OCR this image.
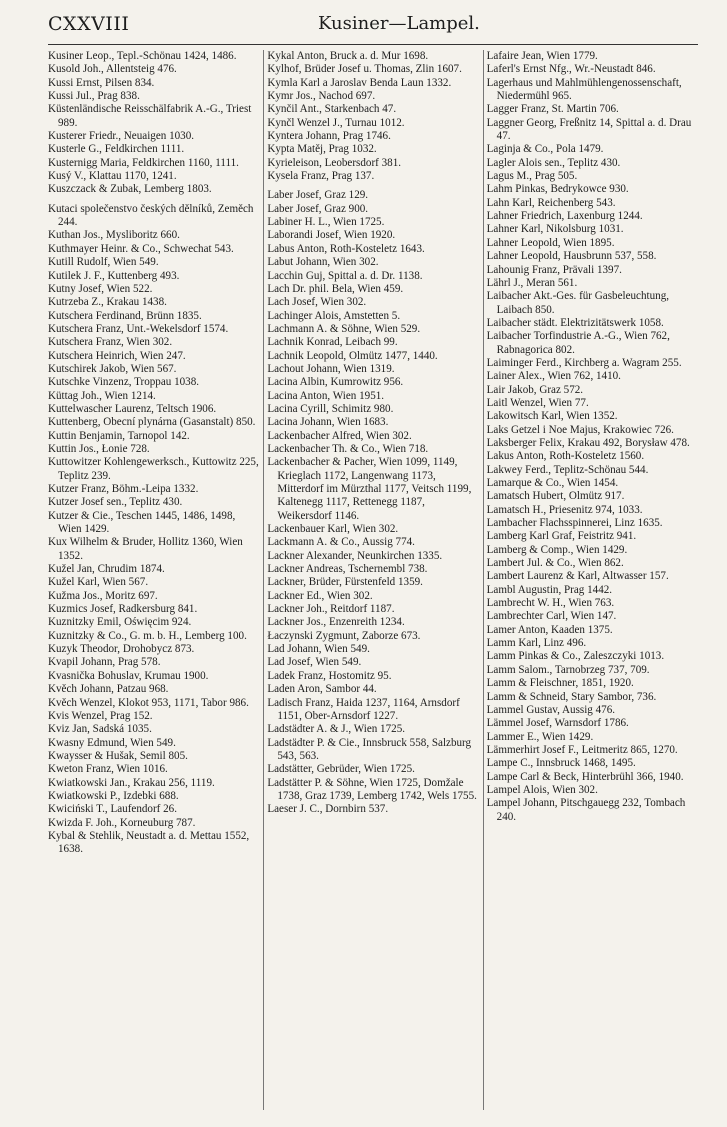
CXXVIII	Kusiner—Lampel.

Kusiner Leop., Tepl.-Schönau 1424, 1486.

Kusold Joh., Allentsteig 476.

Kussi Ernst, Pilsen 834.

Kussi Jul., Prag 838.

Küstenländische Reisschälfabrik A.-G., Triest 989.

Kusterer Friedr., Neuaigen 1030.

Kusterle G., Feldkirchen 1111.

Kusternigg Maria, Feldkirchen 1160, 1111.

Kusý V., Klattau 1170, 1241.

Kuszczack & Zubak, Lemberg 1803.

Kutaci společenstvo českých dělníků, Zeměch 244.

Kuthan Jos., Mysliboritz 660.

Kuthmayer Heinr. & Co., Schwechat 543.

Kutill Rudolf, Wien 549.

Kutilek J. F., Kuttenberg 493.

Kutny Josef, Wien 522.

Kutrzeba Z., Krakau 1438.

Kutschera Ferdinand, Brünn 1835.

Kutschera Franz, Unt.-Wekelsdorf 1574.

Kutschera Franz, Wien 302.

Kutschera Heinrich, Wien 247.

Kutschirek Jakob, Wien 567.

Kutschke Vinzenz, Troppau 1038.

Küttag Joh., Wien 1214.

Kuttelwascher Laurenz, Teltsch 1906.

Kuttenberg, Obecní plynárna (Gasanstalt) 850.

Kuttin Benjamin, Tarnopol 142.

Kuttin Jos., Łonie 728.

Kuttowitzer Kohlengewerksch., Kuttowitz 225, Teplitz 239.

Kutzer Franz, Böhm.-Leipa 1332.

Kutzer Josef sen., Teplitz 430.

Kutzer & Cie., Teschen 1445, 1486, 1498, Wien 1429.

Kux Wilhelm & Bruder, Hollitz 1360, Wien 1352.

Kužel Jan, Chrudim 1874.

Kužel Karl, Wien 567.

Kužma Jos., Moritz 697.

Kuzmics Josef, Radkersburg 841.

Kuznitzky Emil, Oświęcim 924.

Kuznitzky & Co., G. m. b. H., Lemberg 100.

Kuzyk Theodor, Drohobycz 873.

Kvapil Johann, Prag 578.

Kvasnička Bohuslav, Krumau 1900.

Kvěch Johann, Patzau 968.

Kvěch Wenzel, Klokot 953, 1171, Tabor 986.

Kvis Wenzel, Prag 152.

Kviz Jan, Sadská 1035.

Kwasny Edmund, Wien 549.

Kwaysser & Hušak, Semil 805.

Kweton Franz, Wien 1016.

Kwiatkowski Jan., Krakau 256, 1119.

Kwiatkowski P., Izdebki 688.

Kwiciński T., Laufendorf 26.

Kwizda F. Joh., Korneuburg 787.

Kybal & Stehlik, Neustadt a. d. Mettau 1552, 1638.

Kykal Anton, Bruck a. d. Mur 1698.

Kylhof, Brüder Josef u. Thomas, Zlin 1607.

Kymla Karl a Jaroslav Benda Laun 1332.

Kymr Jos., Nachod 697.

Kynčil Ant., Starkenbach 47.

Kynčl Wenzel J., Turnau 1012.

Kyntera Johann, Prag 1746.

Kypta Matěj, Prag 1032.

Kyrieleison, Leobersdorf 381.

Kysela Franz, Prag 137.

Laber Josef, Graz 129.

Laber Josef, Graz 900.

Labiner H. L., Wien 1725.

Laborandi Josef, Wien 1920.

Labus Anton, Roth-Kosteletz 1643.

Labut Johann, Wien 302.

Lacchin Guj, Spittal a. d. Dr. 1138.

Lach Dr. phil. Bela, Wien 459.

Lach Josef, Wien 302.

Lachinger Alois, Amstetten 5.

Lachmann A. & Söhne, Wien 529.

Lachnik Konrad, Leibach 99.

Lachnik Leopold, Olmütz 1477, 1440.

Lachout Johann, Wien 1319.

Lacina Albin, Kumrowitz 956.

Lacina Anton, Wien 1951.

Lacina Cyrill, Schimitz 980.

Lacina Johann, Wien 1683.

Lackenbacher Alfred, Wien 302.

Lackenbacher Th. & Co., Wien 718.

Lackenbacher & Pacher, Wien 1099, 1149, Krieglach 1172, Langenwang 1173, Mitterdorf im Mürzthal 1177, Veitsch 1199, Kaltenegg 1117, Rettenegg 1187, Weikersdorf 1146.

Lackenbauer Karl, Wien 302.

Lackmann A. & Co., Aussig 774.

Lackner Alexander, Neunkirchen 1335.

Lackner Andreas, Tschernembl 738.

Lackner, Brüder, Fürstenfeld 1359.

Lackner Ed., Wien 302.

Lackner Joh., Reitdorf 1187.

Lackner Jos., Enzenreith 1234.

Łaczynski Zygmunt, Zaborze 673.

Lad Johann, Wien 549.

Lad Josef, Wien 549.

Ladek Franz, Hostomitz 95.

Laden Aron, Sambor 44.

Ladisch Franz, Haida 1237, 1164, Arnsdorf 1151, Ober-Arnsdorf 1227.

Ladstädter A. & J., Wien 1725.

Ladstädter P. & Cie., Innsbruck 558, Salzburg 543, 563.

Ladstätter, Gebrüder, Wien 1725.

Ladstätter P. & Söhne, Wien 1725, Domžale 1738, Graz 1739, Lemberg 1742, Wels 1755.

Laeser J. C., Dornbirn 537.

Lafaire Jean, Wien 1779.

Laferl's Ernst Nfg., Wr.-Neustadt 846.

Lagerhaus und Mahlmühlengenossenschaft, Niedermühl 965.

Lagger Franz, St. Martin 706.

Laggner Georg, Freßnitz 14, Spittal a. d. Drau 47.

Laginja & Co., Pola 1479.

Lagler Alois sen., Teplitz 430.

Lagus M., Prag 505.

Lahm Pinkas, Bedrykowce 930.

Lahn Karl, Reichenberg 543.

Lahner Friedrich, Laxenburg 1244.

Lahner Karl, Nikolsburg 1031.

Lahner Leopold, Wien 1895.

Lahner Leopold, Hausbrunn 537, 558.

Lahounig Franz, Prävali 1397.

Lährl J., Meran 561.

Laibacher Akt.-Ges. für Gasbeleuchtung, Laibach 850.

Laibacher städt. Elektrizitätswerk 1058.

Laibacher Torfindustrie A.-G., Wien 762, Rabnagorica 802.

Laiminger Ferd., Kirchberg a. Wagram 255.

Lainer Alex., Wien 762, 1410.

Lair Jakob, Graz 572.

Laitl Wenzel, Wien 77.

Lakowitsch Karl, Wien 1352.

Laks Getzel i Noe Majus, Krakowiec 726.

Laksberger Felix, Krakau 492, Borysław 478.

Lakus Anton, Roth-Kosteletz 1560.

Lakwey Ferd., Teplitz-Schönau 544.

Lamarque & Co., Wien 1454.

Lamatsch Hubert, Olmütz 917.

Lamatsch H., Priesenitz 974, 1033.

Lambacher Flachsspinnerei, Linz 1635.

Lamberg Karl Graf, Feistritz 941.

Lamberg & Comp., Wien 1429.

Lambert Jul. & Co., Wien 862.

Lambert Laurenz & Karl, Altwasser 157.

Lambl Augustin, Prag 1442.

Lambrecht W. H., Wien 763.

Lambrechter Carl, Wien 147.

Lamer Anton, Kaaden 1375.

Lamm Karl, Linz 496.

Lamm Pinkas & Co., Zaleszczyki 1013.

Lamm Salom., Tarnobrzeg 737, 709.

Lamm & Fleischner, 1851, 1920.

Lamm & Schneid, Stary Sambor, 736.

Lammel Gustav, Aussig 476.

Lämmel Josef, Warnsdorf 1786.

Lammer E., Wien 1429.

Lämmerhirt Josef F., Leitmeritz 865, 1270.

Lampe C., Innsbruck 1468, 1495.

Lampe Carl & Beck, Hinterbrühl 366, 1940.

Lampel Alois, Wien 302.

Lampel Johann, Pitschgauegg 232, Tombach 240.
